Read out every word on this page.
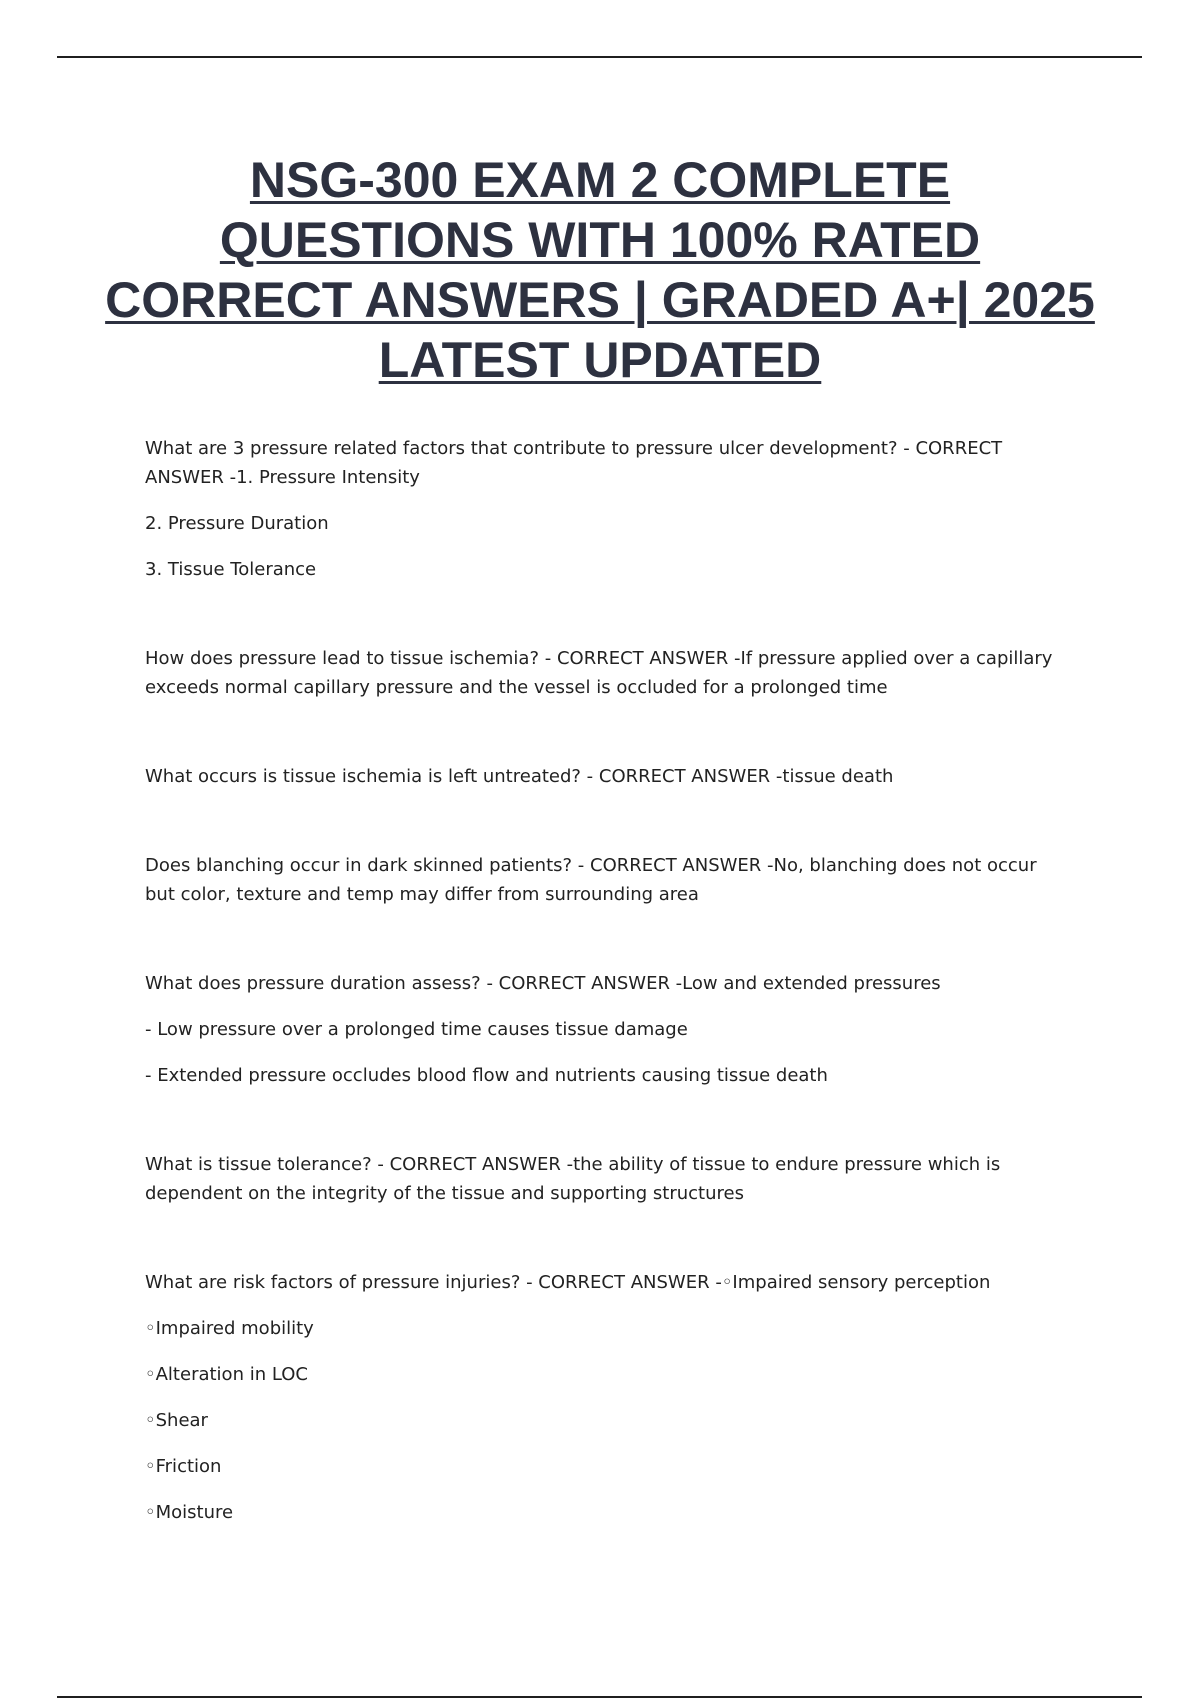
NSG-300 EXAM 2 COMPLETE QUESTIONS WITH 100% RATED CORRECT ANSWERS | GRADED A+| 2025 LATEST UPDATED

What are 3 pressure related factors that contribute to pressure ulcer development? - CORRECT ANSWER -1. Pressure Intensity

2. Pressure Duration

3. Tissue Tolerance

How does pressure lead to tissue ischemia? - CORRECT ANSWER -If pressure applied over a capillary exceeds normal capillary pressure and the vessel is occluded for a prolonged time

What occurs is tissue ischemia is left untreated? - CORRECT ANSWER -tissue death

Does blanching occur in dark skinned patients? - CORRECT ANSWER -No, blanching does not occur but color, texture and temp may differ from surrounding area

What does pressure duration assess? - CORRECT ANSWER -Low and extended pressures

- Low pressure over a prolonged time causes tissue damage

- Extended pressure occludes blood flow and nutrients causing tissue death

What is tissue tolerance? - CORRECT ANSWER -the ability of tissue to endure pressure which is dependent on the integrity of the tissue and supporting structures

What are risk factors of pressure injuries? - CORRECT ANSWER -◦Impaired sensory perception

◦Impaired mobility

◦Alteration in LOC

◦Shear

◦Friction

◦Moisture
